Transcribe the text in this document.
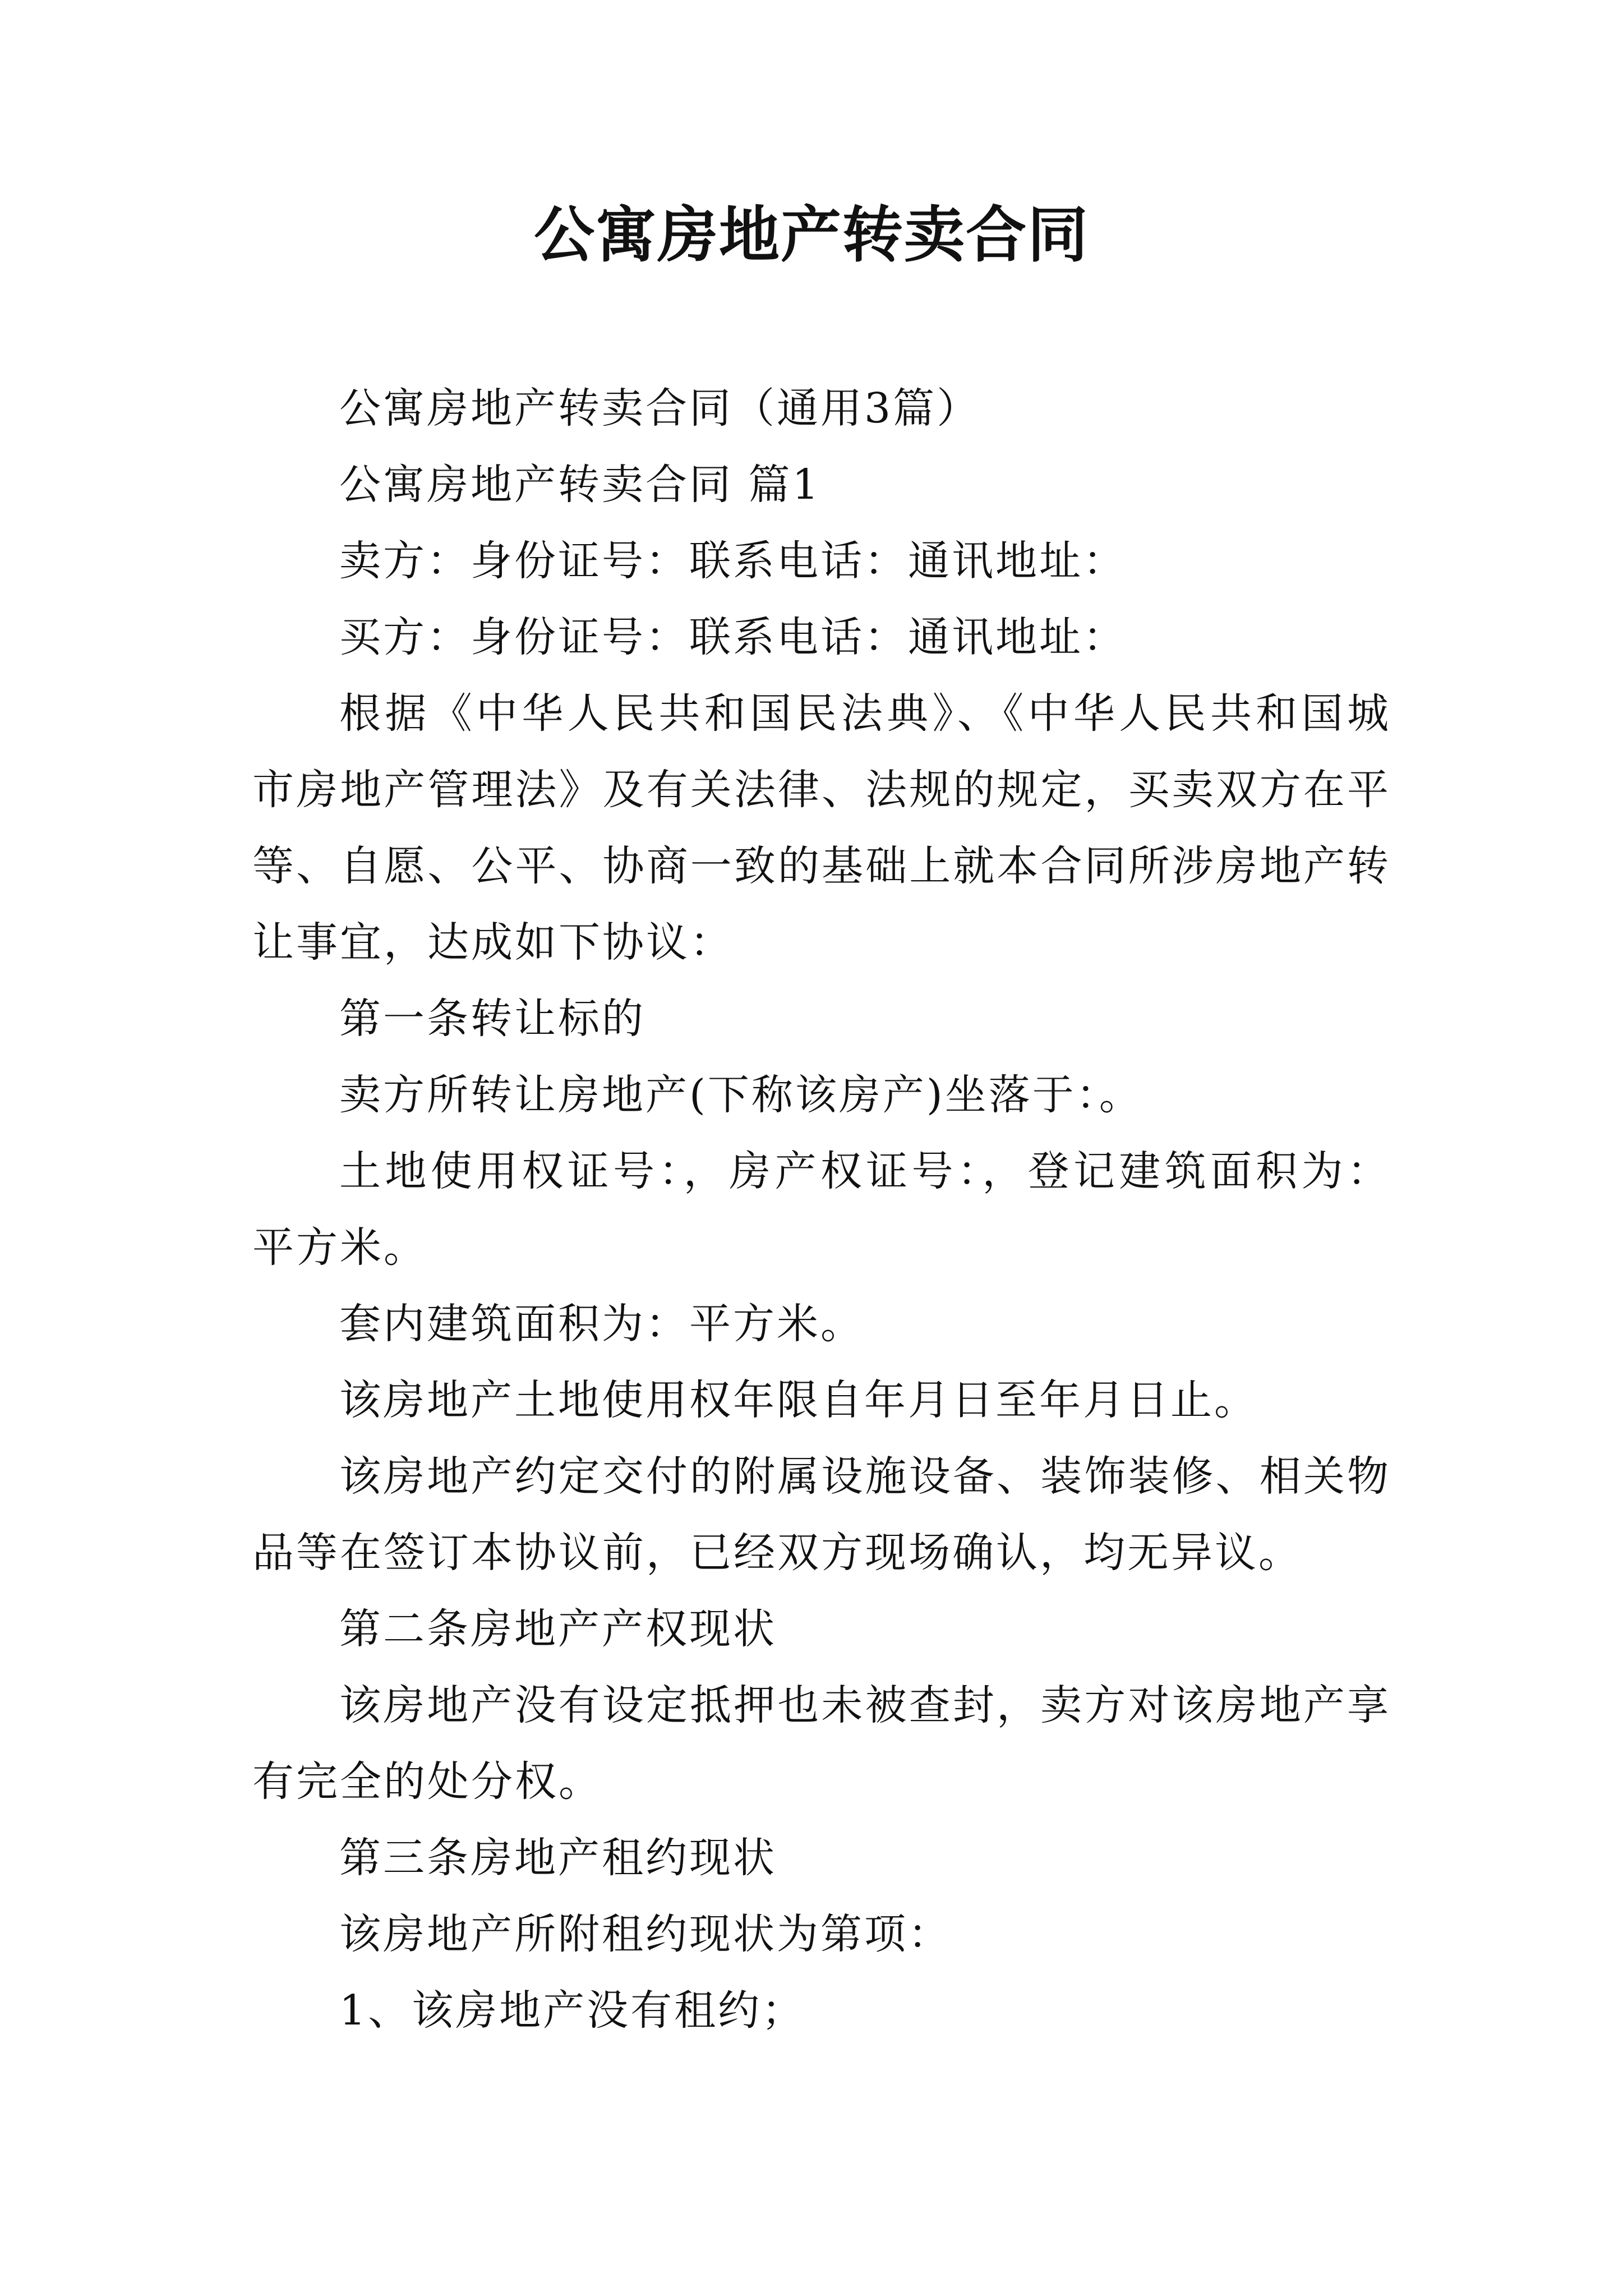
公寓房地产转卖合同

公寓房地产转卖合同（通用3篇）

公寓房地产转卖合同 篇1

卖方：身份证号：联系电话：通讯地址：

买方：身份证号：联系电话：通讯地址：

根据《中华人民共和国民法典》、《中华人民共和国城市房地产管理法》及有关法律、法规的规定，买卖双方在平等、自愿、公平、协商一致的基础上就本合同所涉房地产转让事宜，达成如下协议：

第一条转让标的

卖方所转让房地产(下称该房产)坐落于：。

土地使用权证号：，房产权证号：，登记建筑面积为：平方米。

套内建筑面积为：平方米。

该房地产土地使用权年限自年月日至年月日止。

该房地产约定交付的附属设施设备、装饰装修、相关物品等在签订本协议前，已经双方现场确认，均无异议。

第二条房地产产权现状

该房地产没有设定抵押也未被查封，卖方对该房地产享有完全的处分权。

第三条房地产租约现状

该房地产所附租约现状为第项：

1、该房地产没有租约；
